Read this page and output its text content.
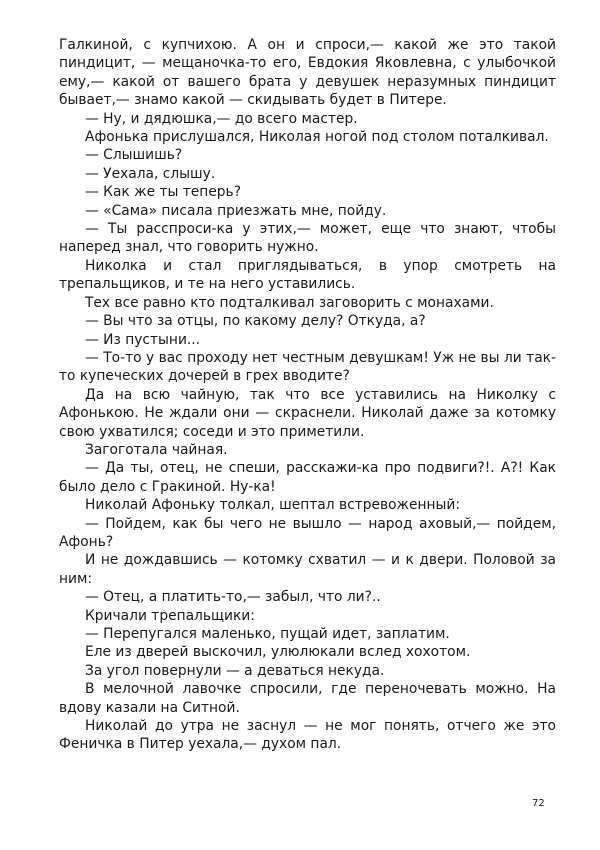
Галкиной, с купчихою. А он и спроси,— какой же это такой пиндицит, — мещаночка-то его, Евдокия Яковлевна, с улыбочкой ему,— какой от вашего брата у девушек неразумных пиндицит бывает,— знамо какой — скидывать будет в Питере.

— Ну, и дядюшка,— до всего мастер.

Афонька прислушался, Николая ногой под столом поталкивал.

— Слышишь?

— Уехала, слышу.

— Как же ты теперь?

— «Сама» писала приезжать мне, пойду.

— Ты расспроси-ка у этих,— может, еще что знают, чтобы наперед знал, что говорить нужно.

Николка и стал приглядываться, в упор смотреть на трепальщиков, и те на него уставились.

Тех все равно кто подталкивал заговорить с монахами.

— Вы что за отцы, по какому делу? Откуда, а?

— Из пустыни...

— То-то у вас проходу нет честным девушкам! Уж не вы ли так-то купеческих дочерей в грех вводите?

Да на всю чайную, так что все уставились на Николку с Афонькою. Не ждали они — скраснели. Николай даже за котомку свою ухватился; соседи и это приметили.

Загоготала чайная.

— Да ты, отец, не спеши, расскажи-ка про подвиги?!. А?! Как было дело с Гракиной. Ну-ка!

Николай Афоньку толкал, шептал встревоженный:

— Пойдем, как бы чего не вышло — народ аховый,— пойдем, Афонь?

И не дождавшись — котомку схватил — и к двери. Половой за ним:

— Отец, а платить-то,— забыл, что ли?..

Кричали трепальщики:

— Перепугался маленько, пущай идет, заплатим.

Еле из дверей выскочил, улюлюкали вслед хохотом.

За угол повернули — а деваться некуда.

В мелочной лавочке спросили, где переночевать можно. На вдову казали на Ситной.

Николай до утра не заснул — не мог понять, отчего же это Феничка в Питер уехала,— духом пал.

72
